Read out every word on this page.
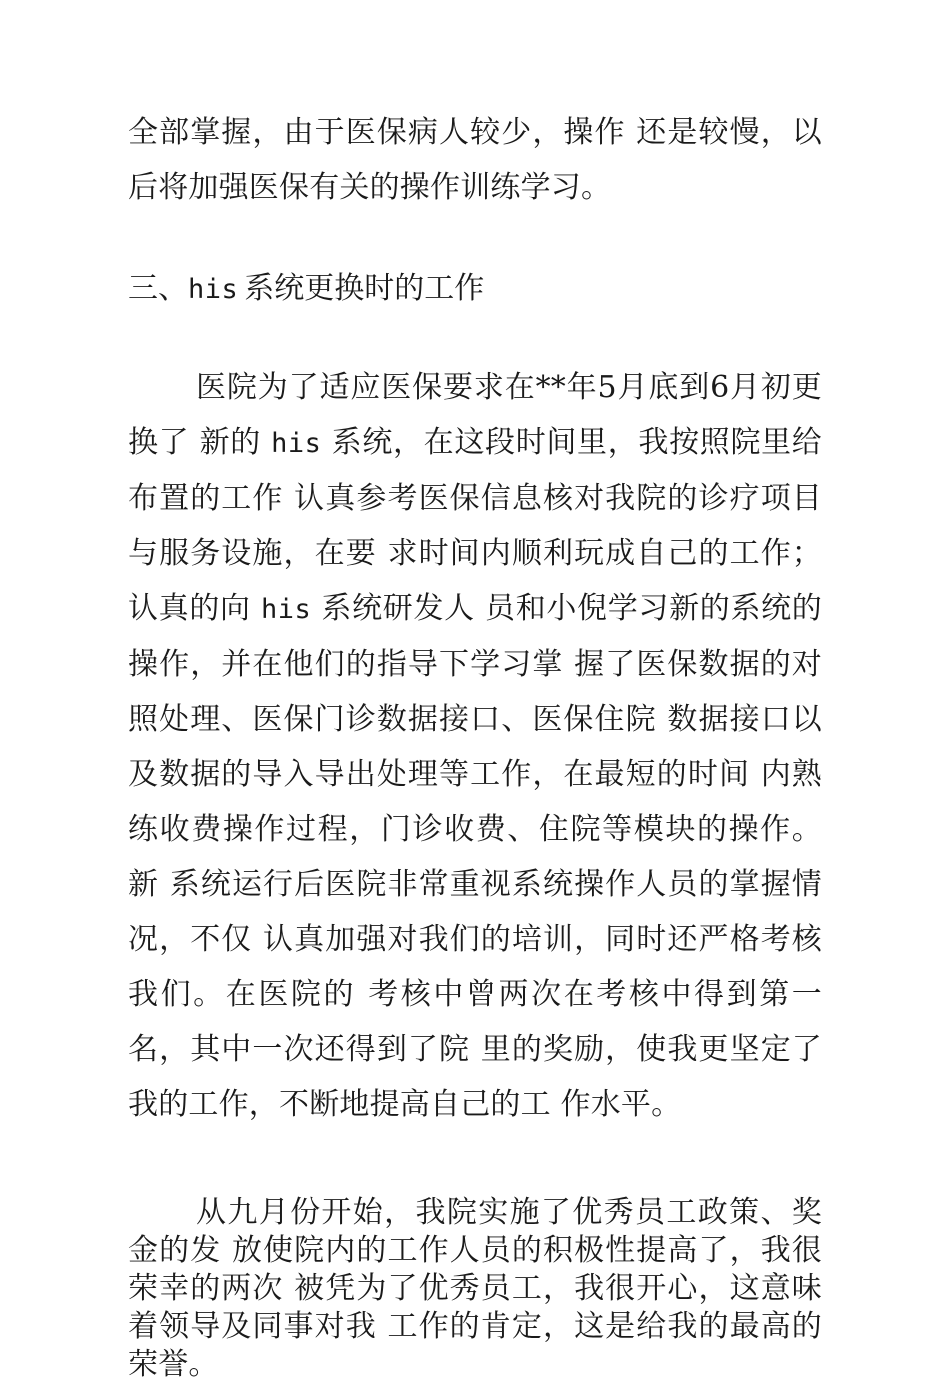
全部掌握，由于医保病人较少，操作 还是较慢，以后将加强医保有关的操作训练学习。

三、his  系统更换时的工作

医院为了适应医保要求在**年5月底到6月初更换了 新的 his 系统，在这段时间里，我按照院里给布置的工作 认真参考医保信息核对我院的诊疗项目与服务设施，在要 求时间内顺利玩成自己的工作；认真的向 his 系统研发人 员和小倪学习新的系统的操作，并在他们的指导下学习掌 握了医保数据的对照处理、医保门诊数据接口、医保住院 数据接口以及数据的导入导出处理等工作，在最短的时间 内熟练收费操作过程，门诊收费、住院等模块的操作。新 系统运行后医院非常重视系统操作人员的掌握情况，不仅 认真加强对我们的培训，同时还严格考核我们。在医院的 考核中曾两次在考核中得到第一名，其中一次还得到了院 里的奖励，使我更坚定了我的工作，不断地提高自己的工 作水平。

从九月份开始，我院实施了优秀员工政策、奖金的发 放使院内的工作人员的积极性提高了，我很荣幸的两次 被凭为了优秀员工，我很开心，这意味着领导及同事对我 工作的肯定，这是给我的最高的荣誉。
